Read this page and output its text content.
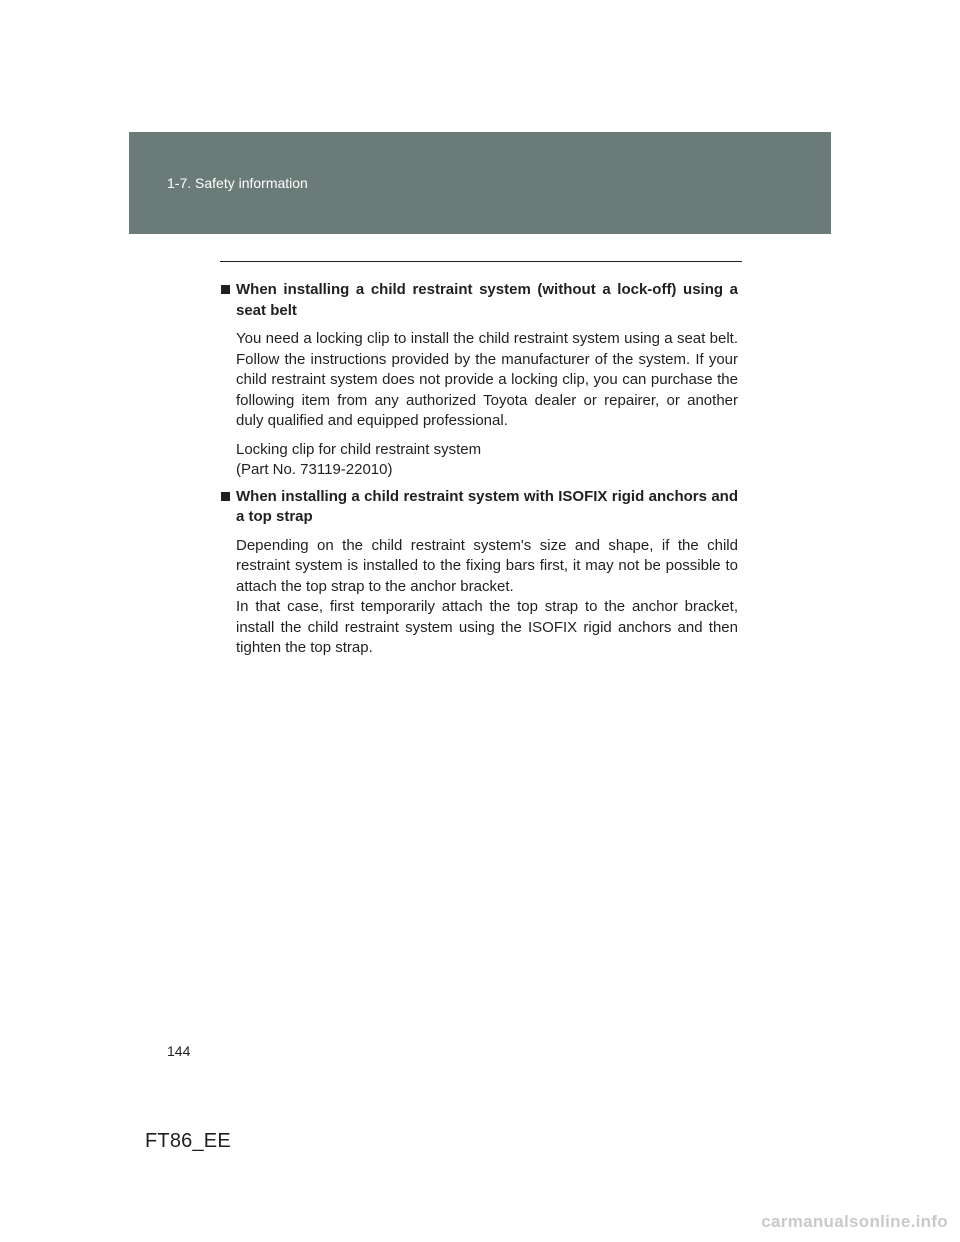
1-7. Safety information

When installing a child restraint system (without a lock-off) using a seat belt

You need a locking clip to install the child restraint system using a seat belt. Follow the instructions provided by the manufacturer of the system. If your child restraint system does not provide a locking clip, you can purchase the following item from any authorized Toyota dealer or repairer, or another duly qualified and equipped professional.

Locking clip for child restraint system
(Part No. 73119-22010)

When installing a child restraint system with ISOFIX rigid anchors and a top strap

Depending on the child restraint system's size and shape, if the child restraint system is installed to the fixing bars first, it may not be possible to attach the top strap to the anchor bracket.
In that case, first temporarily attach the top strap to the anchor bracket, install the child restraint system using the ISOFIX rigid anchors and then tighten the top strap.

144
FT86_EE
carmanualsonline.info
